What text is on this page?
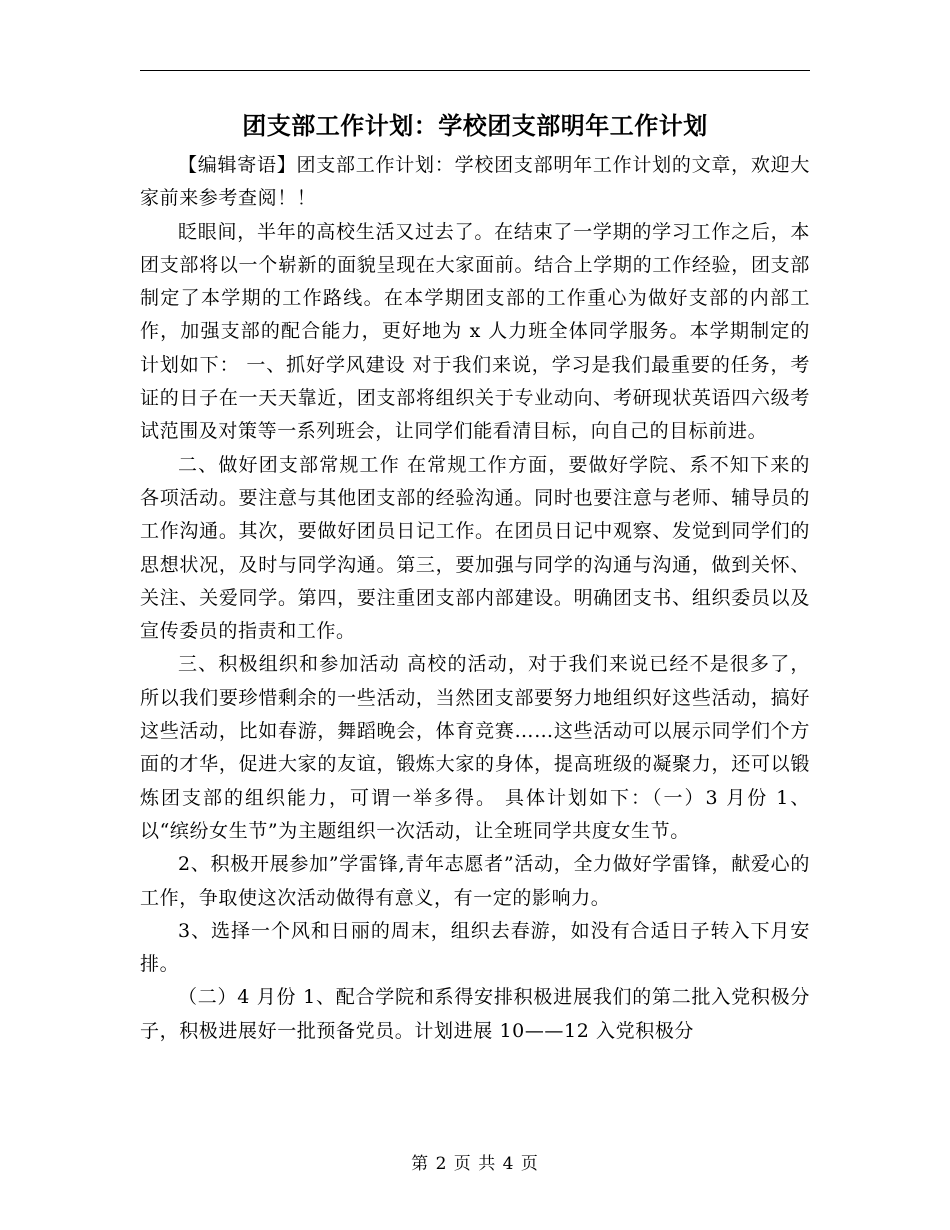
团支部工作计划：学校团支部明年工作计划

【编辑寄语】团支部工作计划：学校团支部明年工作计划的文章，欢迎大家前来参考查阅！！

眨眼间，半年的高校生活又过去了。在结束了一学期的学习工作之后，本团支部将以一个崭新的面貌呈现在大家面前。结合上学期的工作经验，团支部制定了本学期的工作路线。在本学期团支部的工作重心为做好支部的内部工作，加强支部的配合能力，更好地为 x 人力班全体同学服务。本学期制定的计划如下： 一、抓好学风建设 对于我们来说，学习是我们最重要的任务，考证的日子在一天天靠近，团支部将组织关于专业动向、考研现状英语四六级考试范围及对策等一系列班会，让同学们能看清目标，向自己的目标前进。

二、做好团支部常规工作 在常规工作方面，要做好学院、系不知下来的各项活动。要注意与其他团支部的经验沟通。同时也要注意与老师、辅导员的工作沟通。其次，要做好团员日记工作。在团员日记中观察、发觉到同学们的思想状况，及时与同学沟通。第三，要加强与同学的沟通与沟通，做到关怀、关注、关爱同学。第四，要注重团支部内部建设。明确团支书、组织委员以及宣传委员的指责和工作。

三、积极组织和参加活动 高校的活动，对于我们来说已经不是很多了，所以我们要珍惜剩余的一些活动，当然团支部要努力地组织好这些活动，搞好这些活动，比如春游，舞蹈晚会，体育竞赛……这些活动可以展示同学们个方面的才华，促进大家的友谊，锻炼大家的身体，提高班级的凝聚力，还可以锻炼团支部的组织能力，可谓一举多得。 具体计划如下：（一）3 月份 1、以“缤纷女生节”为主题组织一次活动，让全班同学共度女生节。

2、积极开展参加”学雷锋,青年志愿者”活动，全力做好学雷锋，献爱心的工作，争取使这次活动做得有意义，有一定的影响力。

3、选择一个风和日丽的周末，组织去春游，如没有合适日子转入下月安排。

（二）4 月份 1、配合学院和系得安排积极进展我们的第二批入党积极分子，积极进展好一批预备党员。计划进展 10——12 入党积极分

第 2 页 共 4 页
